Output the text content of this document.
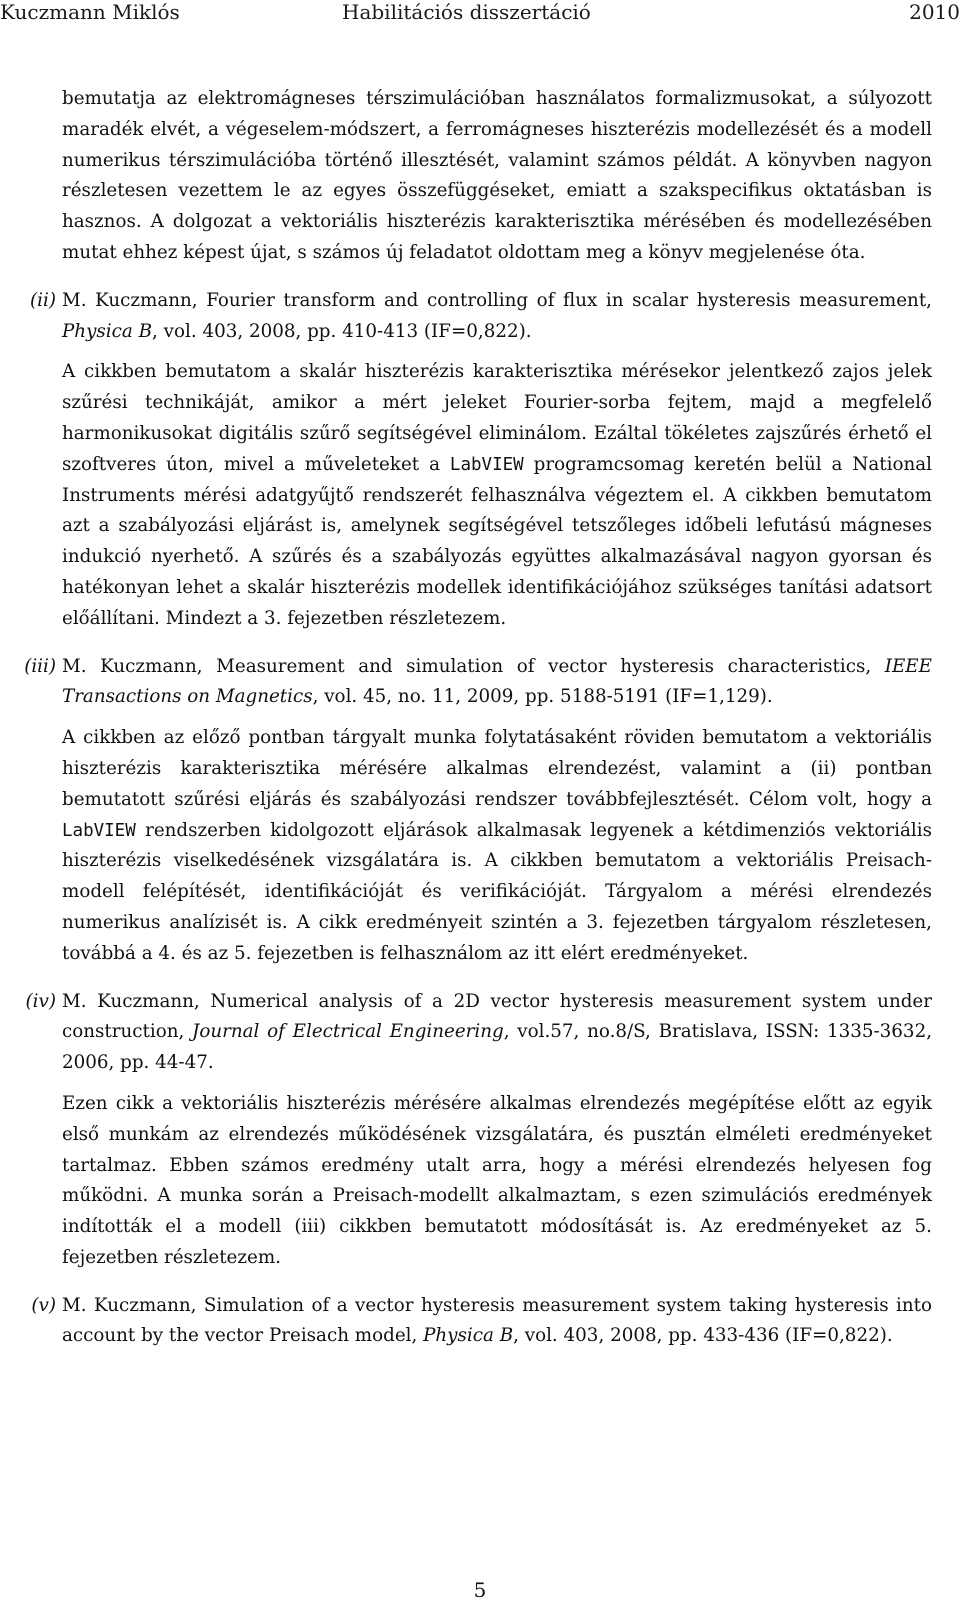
Kuczmann Miklós	Habilitációs disszertáció	2010

bemutatja az elektromágneses térszimulációban használatos formalizmusokat, a súlyozott maradék elvét, a végeselem-módszert, a ferromágneses hiszterézis modellezését és a modell numerikus térszimulációba történő illesztését, valamint számos példát. A könyvben nagyon részletesen vezettem le az egyes összefüggéseket, emiatt a szakspecifikus oktatásban is hasznos. A dolgozat a vektoriális hiszterézis karakterisztika mérésében és modellezésében mutat ehhez képest újat, s számos új feladatot oldottam meg a könyv megjelenése óta.

(ii) M. Kuczmann, Fourier transform and controlling of flux in scalar hysteresis measurement, Physica B, vol. 403, 2008, pp. 410-413 (IF=0,822).

A cikkben bemutatom a skalár hiszterézis karakterisztika mérésekor jelentkező zajos jelek szűrési technikáját, amikor a mért jeleket Fourier-sorba fejtem, majd a megfelelő harmonikusokat digitális szűrő segítségével eliminálom. Ezáltal tökéletes zajszűrés érhető el szoftveres úton, mivel a műveleteket a LabVIEW programcsomag keretén belül a National Instruments mérési adatgyűjtő rendszerét felhasználva végeztem el. A cikkben bemutatom azt a szabályozási eljárást is, amelynek segítségével tetszőleges időbeli lefutású mágneses indukció nyerhető. A szűrés és a szabályozás együttes alkalmazásával nagyon gyorsan és hatékonyan lehet a skalár hiszterézis modellek identifikációjához szükséges tanítási adatsort előállítani. Mindezt a 3. fejezetben részletezem.

(iii) M. Kuczmann, Measurement and simulation of vector hysteresis characteristics, IEEE Transactions on Magnetics, vol. 45, no. 11, 2009, pp. 5188-5191 (IF=1,129).

A cikkben az előző pontban tárgyalt munka folytatásaként röviden bemutatom a vektoriális hiszterézis karakterisztika mérésére alkalmas elrendezést, valamint a (ii) pontban bemutatott szűrési eljárás és szabályozási rendszer továbbfejlesztését. Célom volt, hogy a LabVIEW rendszerben kidolgozott eljárások alkalmasak legyenek a kétdimenziós vektoriális hiszterézis viselkedésének vizsgálatára is. A cikkben bemutatom a vektoriális Preisach-modell felépítését, identifikációját és verifikációját. Tárgyalom a mérési elrendezés numerikus analízisét is. A cikk eredményeit szintén a 3. fejezetben tárgyalom részletesen, továbbá a 4. és az 5. fejezetben is felhasználom az itt elért eredményeket.

(iv) M. Kuczmann, Numerical analysis of a 2D vector hysteresis measurement system under construction, Journal of Electrical Engineering, vol.57, no.8/S, Bratislava, ISSN: 1335-3632, 2006, pp. 44-47.

Ezen cikk a vektoriális hiszterézis mérésére alkalmas elrendezés megépítése előtt az egyik első munkám az elrendezés működésének vizsgálatára, és pusztán elméleti eredményeket tartalmaz. Ebben számos eredmény utalt arra, hogy a mérési elrendezés helyesen fog működni. A munka során a Preisach-modellt alkalmaztam, s ezen szimulációs eredmények indították el a modell (iii) cikkben bemutatott módosítását is. Az eredményeket az 5. fejezetben részletezem.

(v) M. Kuczmann, Simulation of a vector hysteresis measurement system taking hysteresis into account by the vector Preisach model, Physica B, vol. 403, 2008, pp. 433-436 (IF=0,822).

5
